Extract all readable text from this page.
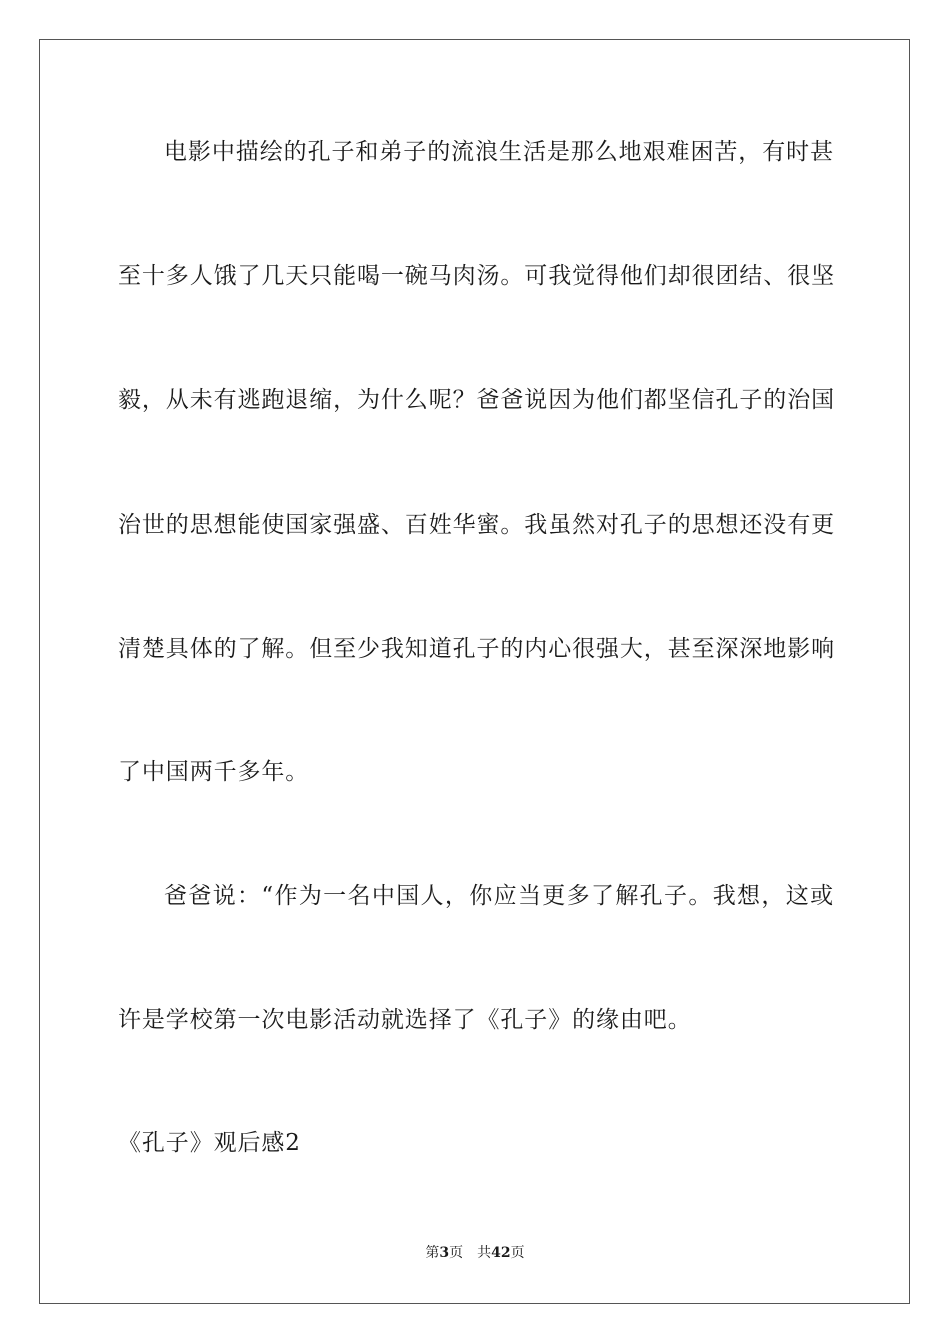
电影中描绘的孔子和弟子的流浪生活是那么地艰难困苦，有时甚
至十多人饿了几天只能喝一碗马肉汤。可我觉得他们却很团结、很坚
毅，从未有逃跑退缩，为什么呢？爸爸说因为他们都坚信孔子的治国
治世的思想能使国家强盛、百姓华蜜。我虽然对孔子的思想还没有更
清楚具体的了解。但至少我知道孔子的内心很强大，甚至深深地影响
了中国两千多年。
爸爸说：“作为一名中国人，你应当更多了解孔子。我想，这或
许是学校第一次电影活动就选择了《孔子》的缘由吧。
《孔子》观后感2
第3页 共42页
